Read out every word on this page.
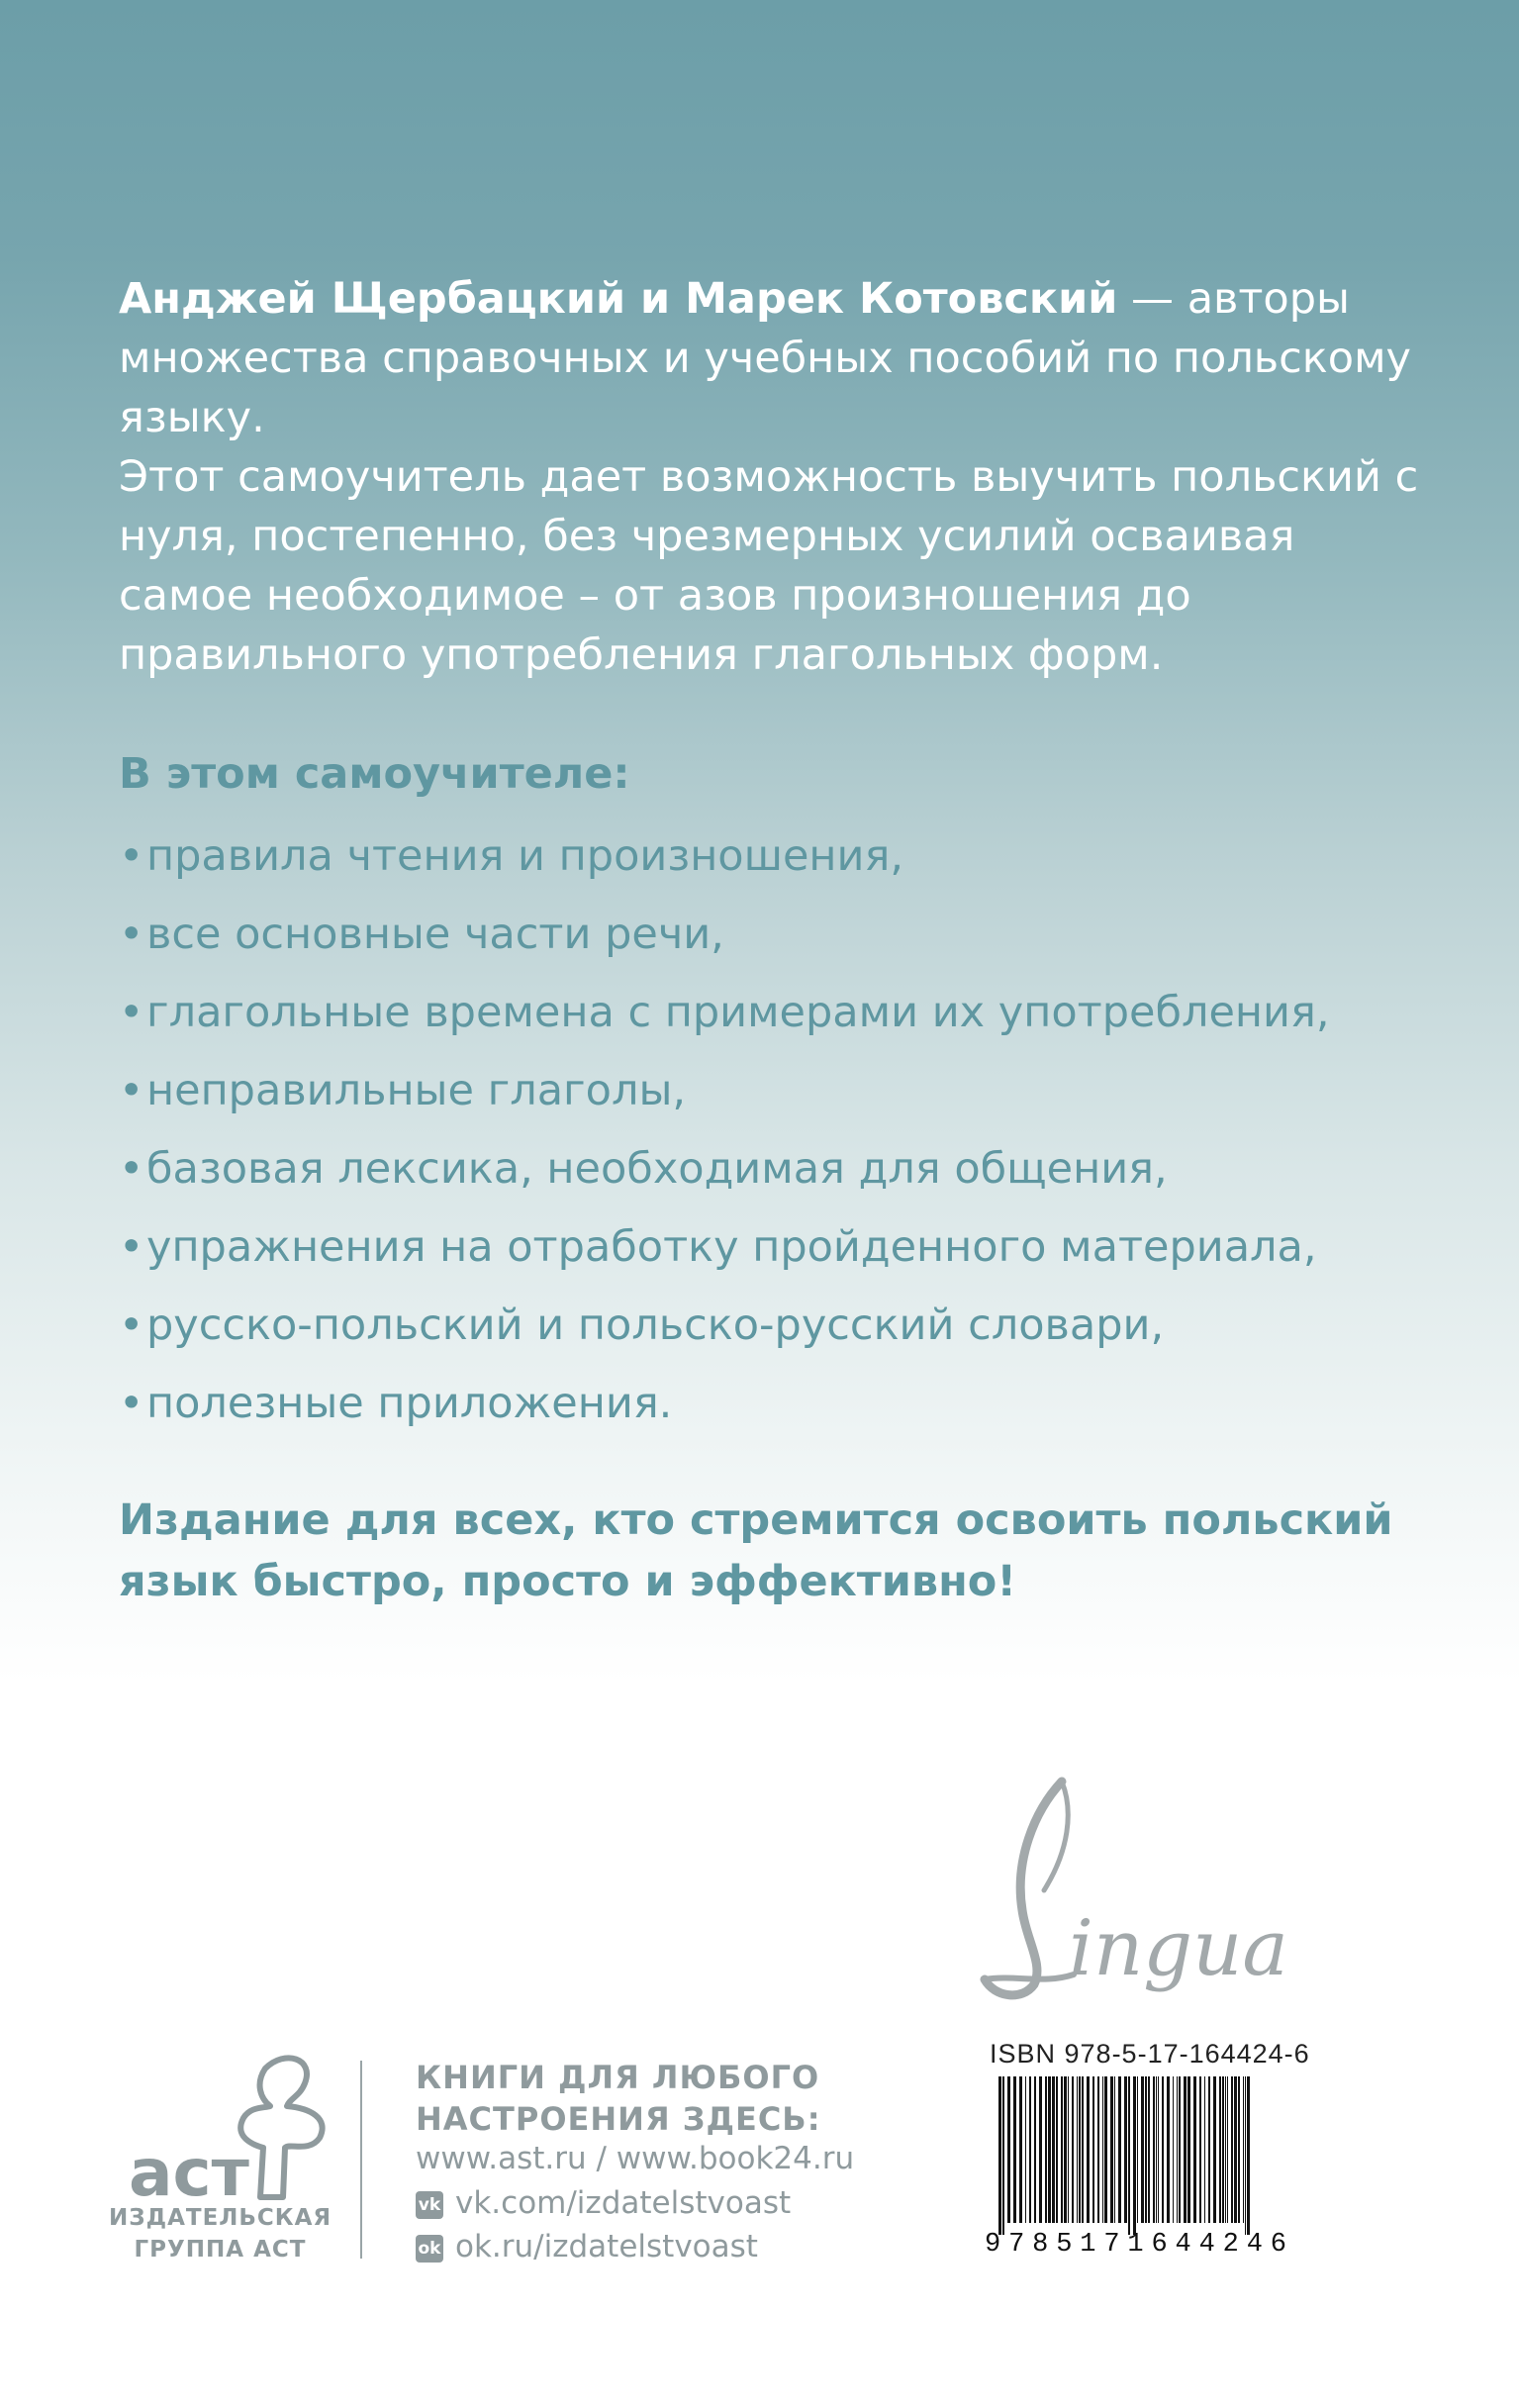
Анджей Щербацкий и Марек Котовский — авторы множества справочных и учебных пособий по польскому языку.
Этот самоучитель дает возможность выучить польский с нуля, постепенно, без чрезмерных усилий осваивая самое необходимое – от азов произношения до правильного употребления глагольных форм.
В этом самоучителе:
•правила чтения и произношения,
•все основные части речи,
•глагольные времена с примерами их употребления,
•неправильные глаголы,
•базовая лексика, необходимая для общения,
•упражнения на отработку пройденного материала,
•русско-польский и польско-русский словари,
•полезные приложения.
Издание для всех, кто стремится освоить польский язык быстро, просто и эффективно!
ingua
аст
ИЗДАТЕЛЬСКАЯ
ГРУППА АСТ
КНИГИ ДЛЯ ЛЮБОГО
НАСТРОЕНИЯ ЗДЕСЬ:
www.ast.ru / www.book24.ru
vk vk.com/izdatelstvoast
ok ok.ru/izdatelstvoast
ISBN 978-5-17-164424-6
9785171644246
